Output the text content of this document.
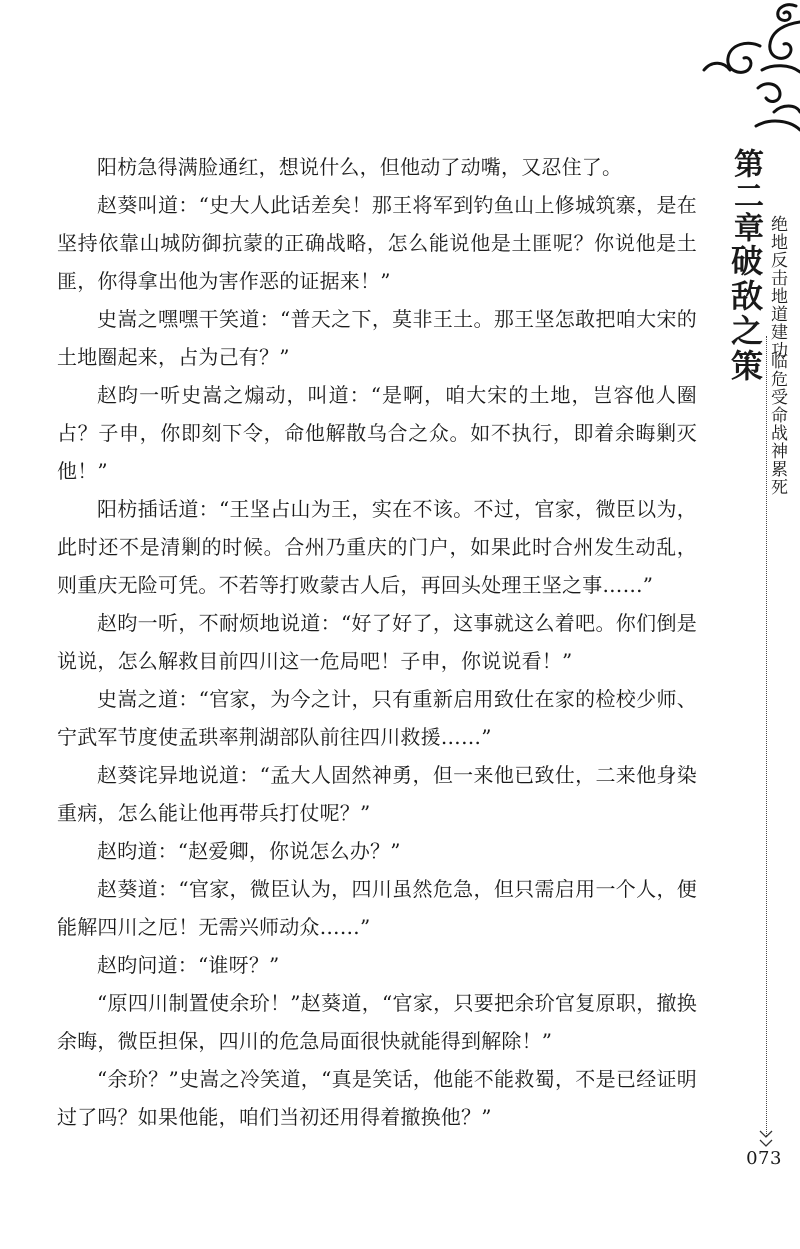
阳枋急得满脸通红，想说什么，但他动了动嘴，又忍住了。

赵葵叫道：“史大人此话差矣！那王将军到钓鱼山上修城筑寨，是在坚持依靠山城防御抗蒙的正确战略，怎么能说他是土匪呢？你说他是土匪，你得拿出他为害作恶的证据来！”

史嵩之嘿嘿干笑道：“普天之下，莫非王土。那王坚怎敢把咱大宋的土地圈起来，占为己有？”

赵昀一听史嵩之煽动，叫道：“是啊，咱大宋的土地，岂容他人圈占？子申，你即刻下令，命他解散乌合之众。如不执行，即着余晦剿灭他！”

阳枋插话道：“王坚占山为王，实在不该。不过，官家，微臣以为，此时还不是清剿的时候。合州乃重庆的门户，如果此时合州发生动乱，则重庆无险可凭。不若等打败蒙古人后，再回头处理王坚之事……”

赵昀一听，不耐烦地说道：“好了好了，这事就这么着吧。你们倒是说说，怎么解救目前四川这一危局吧！子申，你说说看！”

史嵩之道：“官家，为今之计，只有重新启用致仕在家的检校少师、宁武军节度使孟珙率荆湖部队前往四川救援……”

赵葵诧异地说道：“孟大人固然神勇，但一来他已致仕，二来他身染重病，怎么能让他再带兵打仗呢？”

赵昀道：“赵爱卿，你说怎么办？”

赵葵道：“官家，微臣认为，四川虽然危急，但只需启用一个人，便能解四川之厄！无需兴师动众……”

赵昀问道：“谁呀？”

“原四川制置使余玠！”赵葵道，“官家，只要把余玠官复原职，撤换余晦，微臣担保，四川的危急局面很快就能得到解除！”

“余玠？”史嵩之冷笑道，“真是笑话，他能不能救蜀，不是已经证明过了吗？如果他能，咱们当初还用得着撤换他？”

第二章
破敌之策 绝地反击地道建功
临危受命战神累死
073
